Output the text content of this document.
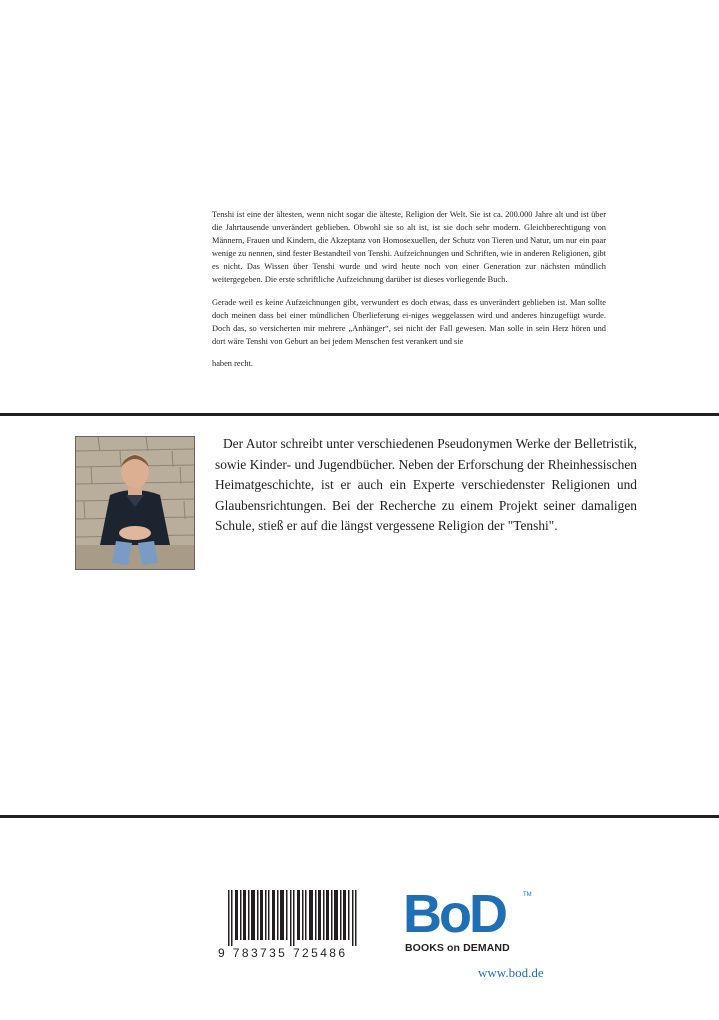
Tenshi ist eine der ältesten, wenn nicht sogar die älteste, Religion der Welt. Sie ist ca. 200.000 Jahre alt und ist über die Jahrtausende unverändert geblieben. Obwohl sie so alt ist, ist sie doch sehr modern. Gleichberechtigung von Männern, Frauen und Kindern, die Akzeptanz von Homosexuellen, der Schutz von Tieren und Natur, um nur ein paar wenige zu nennen, sind fester Bestandteil von Tenshi. Aufzeichnungen und Schriften, wie in anderen Religionen, gibt es nicht. Das Wissen über Tenshi wurde und wird heute noch von einer Generation zur nächsten mündlich weitergegeben. Die erste schriftliche Aufzeichnung darüber ist dieses vorliegende Buch.

Gerade weil es keine Aufzeichnungen gibt, verwundert es doch etwas, dass es unverändert geblieben ist. Man sollte doch meinen dass bei einer mündlichen Überlieferung ei-niges weggelassen wird und anderes hinzugefügt wurde. Doch das, so versicherten mir mehrere „Anhänger“, sei nicht der Fall gewesen. Man solle in sein Herz hören und dort wäre Tenshi von Geburt an bei jedem Menschen fest verankert und sie

haben recht.

Der Autor schreibt unter verschiedenen Pseudonymen Werke der Belletristik, sowie Kinder- und Jugendbücher. Neben der Erforschung der Rheinhessischen Heimatgeschichte, ist er auch ein Experte verschiedenster Religionen und Glaubensrichtungen. Bei der Recherche zu einem Projekt seiner damaligen Schule, stieß er auf die längst vergessene Religion der "Tenshi".
9 783735 725486
BoD	TM
BOOKS on DEMAND
www.bod.de
